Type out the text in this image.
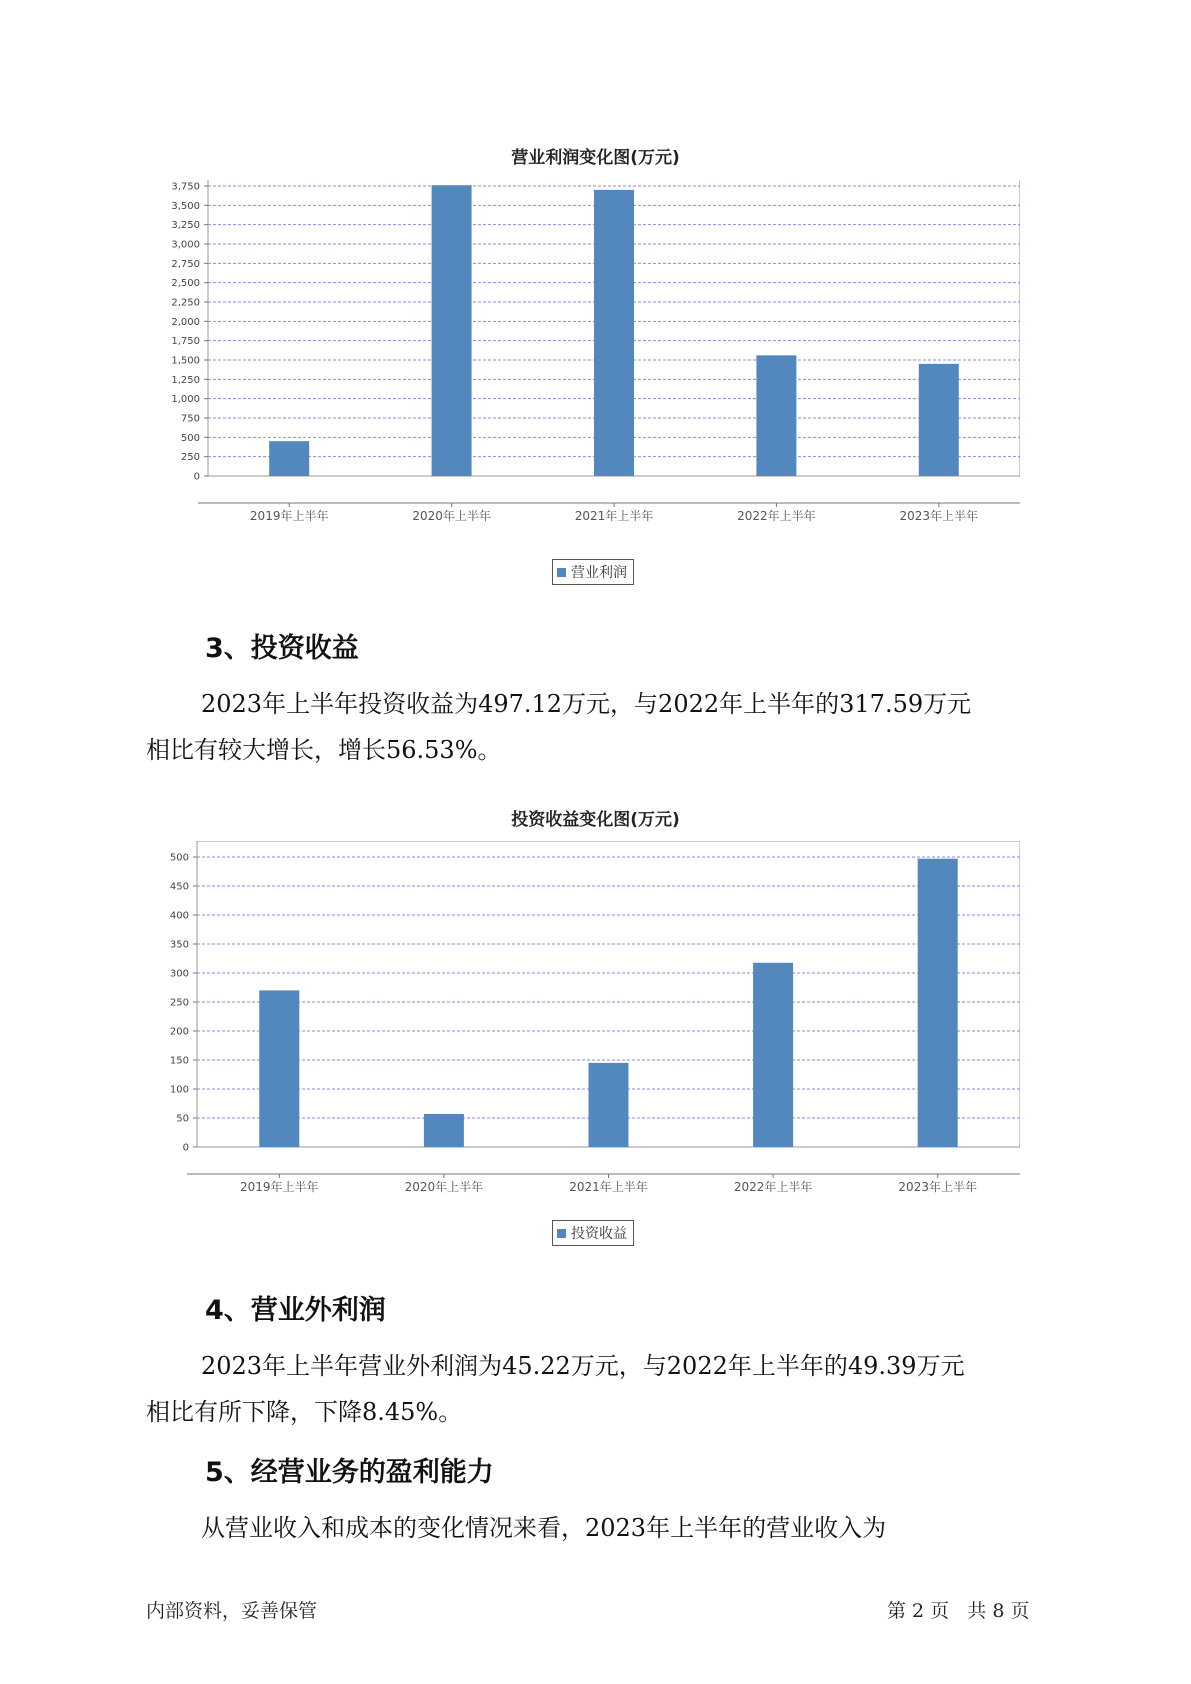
营业利润变化图(万元)
0
250
500
750
1,000
1,250
1,500
1,750
2,000
2,250
2,500
2,750
3,000
3,250
3,500
3,750
2019年上半年	2020年上半年	2021年上半年	2022年上半年	2023年上半年
营业利润
3、投资收益
2023年上半年投资收益为497.12万元，与2022年上半年的317.59万元
相比有较大增长，增长56.53%。
投资收益变化图(万元)
0
50
100
150
200
250
300
350
400
450
500
2019年上半年	2020年上半年	2021年上半年	2022年上半年	2023年上半年
投资收益
4、营业外利润
2023年上半年营业外利润为45.22万元，与2022年上半年的49.39万元
相比有所下降，下降8.45%。
5、经营业务的盈利能力
从营业收入和成本的变化情况来看，2023年上半年的营业收入为
内部资料，妥善保管	第 2 页   共 8 页
